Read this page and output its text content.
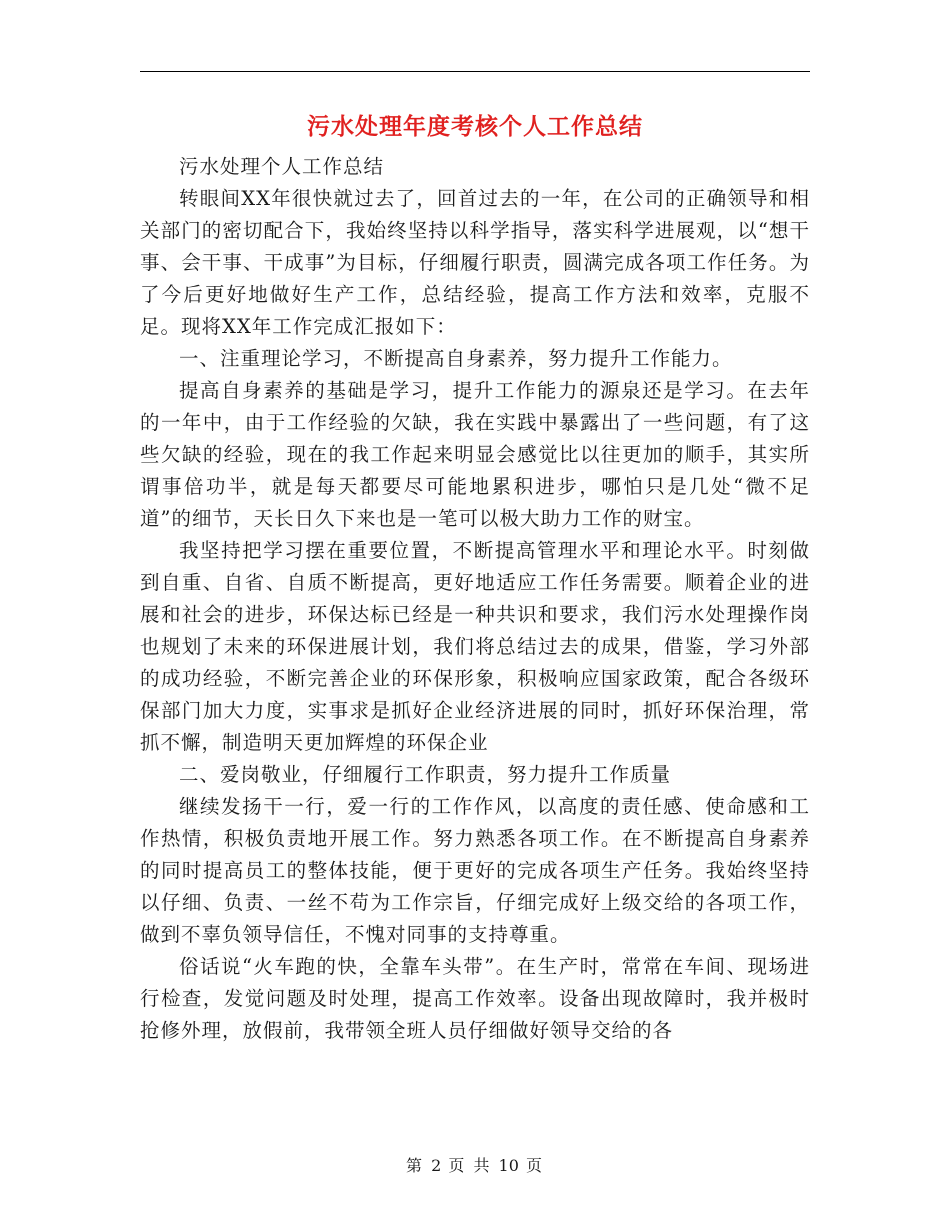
污水处理年度考核个人工作总结

污水处理个人工作总结

转眼间XX年很快就过去了，回首过去的一年，在公司的正确领导和相关部门的密切配合下，我始终坚持以科学指导，落实科学进展观，以“想干事、会干事、干成事”为目标，仔细履行职责，圆满完成各项工作任务。为了今后更好地做好生产工作，总结经验，提高工作方法和效率，克服不足。现将XX年工作完成汇报如下：

一、注重理论学习，不断提高自身素养，努力提升工作能力。

提高自身素养的基础是学习，提升工作能力的源泉还是学习。在去年的一年中，由于工作经验的欠缺，我在实践中暴露出了一些问题，有了这些欠缺的经验，现在的我工作起来明显会感觉比以往更加的顺手，其实所谓事倍功半，就是每天都要尽可能地累积进步，哪怕只是几处“微不足道”的细节，天长日久下来也是一笔可以极大助力工作的财宝。

我坚持把学习摆在重要位置，不断提高管理水平和理论水平。时刻做到自重、自省、自质不断提高，更好地适应工作任务需要。顺着企业的进展和社会的进步，环保达标已经是一种共识和要求，我们污水处理操作岗也规划了未来的环保进展计划，我们将总结过去的成果，借鉴，学习外部的成功经验，不断完善企业的环保形象，积极响应国家政策，配合各级环保部门加大力度，实事求是抓好企业经济进展的同时，抓好环保治理，常抓不懈，制造明天更加辉煌的环保企业

二、爱岗敬业，仔细履行工作职责，努力提升工作质量

继续发扬干一行，爱一行的工作作风，以高度的责任感、使命感和工作热情，积极负责地开展工作。努力熟悉各项工作。在不断提高自身素养的同时提高员工的整体技能，便于更好的完成各项生产任务。我始终坚持以仔细、负责、一丝不苟为工作宗旨，仔细完成好上级交给的各项工作，做到不辜负领导信任，不愧对同事的支持尊重。

俗话说“火车跑的快，全靠车头带”。在生产时，常常在车间、现场进行检查，发觉问题及时处理，提高工作效率。设备出现故障时，我并极时抢修外理，放假前，我带领全班人员仔细做好领导交给的各

第 2 页 共 10 页
